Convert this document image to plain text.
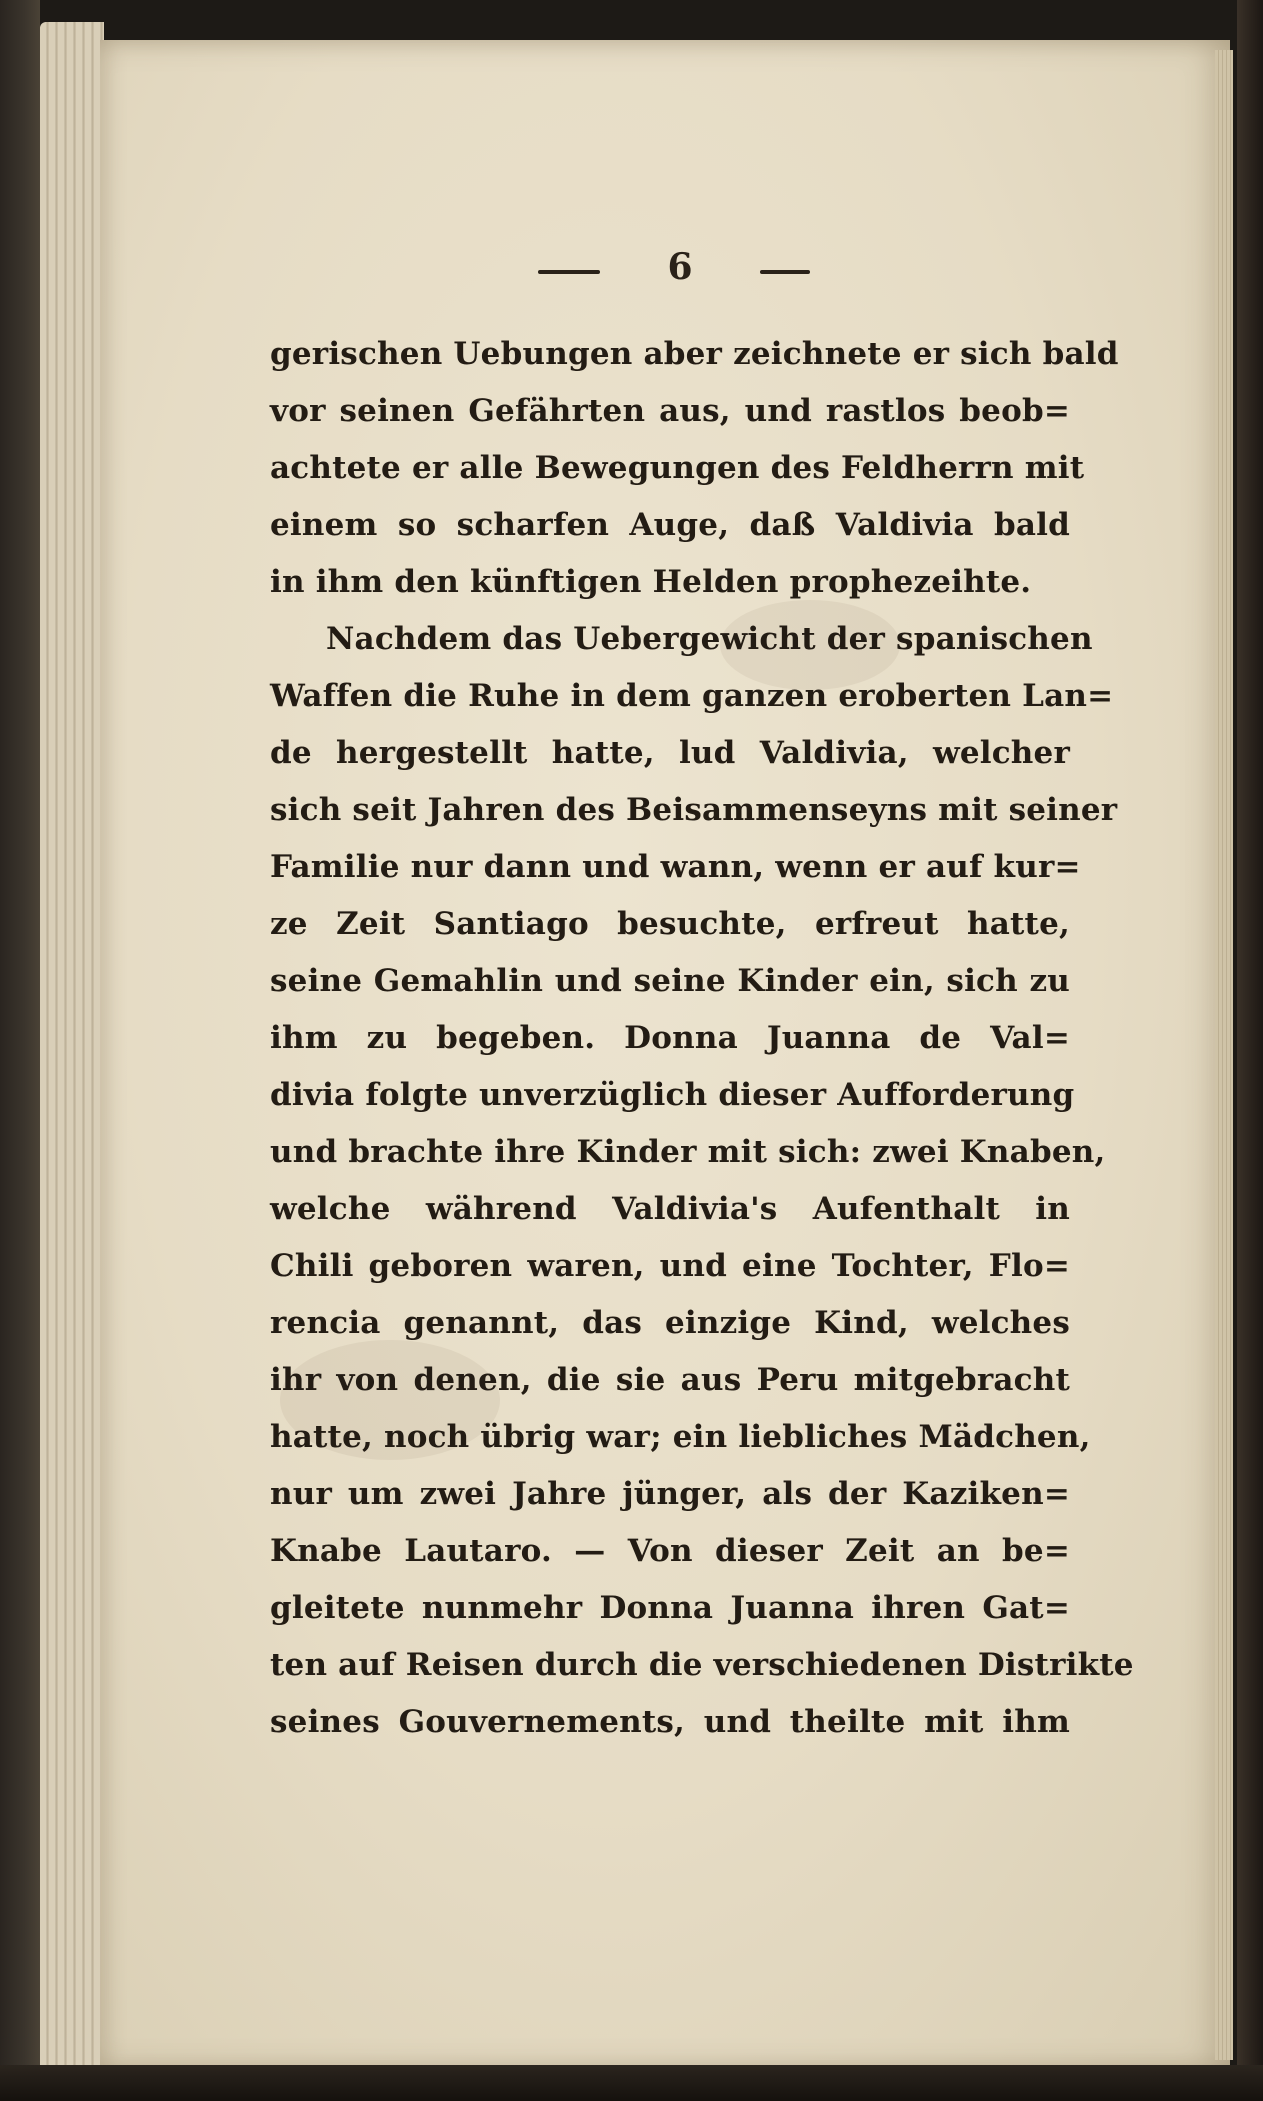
6
gerischen Uebungen aber zeichnete er sich bald
vor seinen Gefährten aus, und rastlos beob=
achtete er alle Bewegungen des Feldherrn mit
einem so scharfen Auge, daß Valdivia bald
in ihm den künftigen Helden prophezeihte.
Nachdem das Uebergewicht der spanischen
Waffen die Ruhe in dem ganzen eroberten Lan=
de hergestellt hatte, lud Valdivia, welcher
sich seit Jahren des Beisammenseyns mit seiner
Familie nur dann und wann, wenn er auf kur=
ze Zeit Santiago besuchte, erfreut hatte,
seine Gemahlin und seine Kinder ein, sich zu
ihm zu begeben. Donna Juanna de Val=
divia folgte unverzüglich dieser Aufforderung
und brachte ihre Kinder mit sich: zwei Knaben,
welche während Valdivia's Aufenthalt in
Chili geboren waren, und eine Tochter, Flo=
rencia genannt, das einzige Kind, welches
ihr von denen, die sie aus Peru mitgebracht
hatte, noch übrig war; ein liebliches Mädchen,
nur um zwei Jahre jünger, als der Kaziken=
Knabe Lautaro. — Von dieser Zeit an be=
gleitete nunmehr Donna Juanna ihren Gat=
ten auf Reisen durch die verschiedenen Distrikte
seines Gouvernements, und theilte mit ihm
